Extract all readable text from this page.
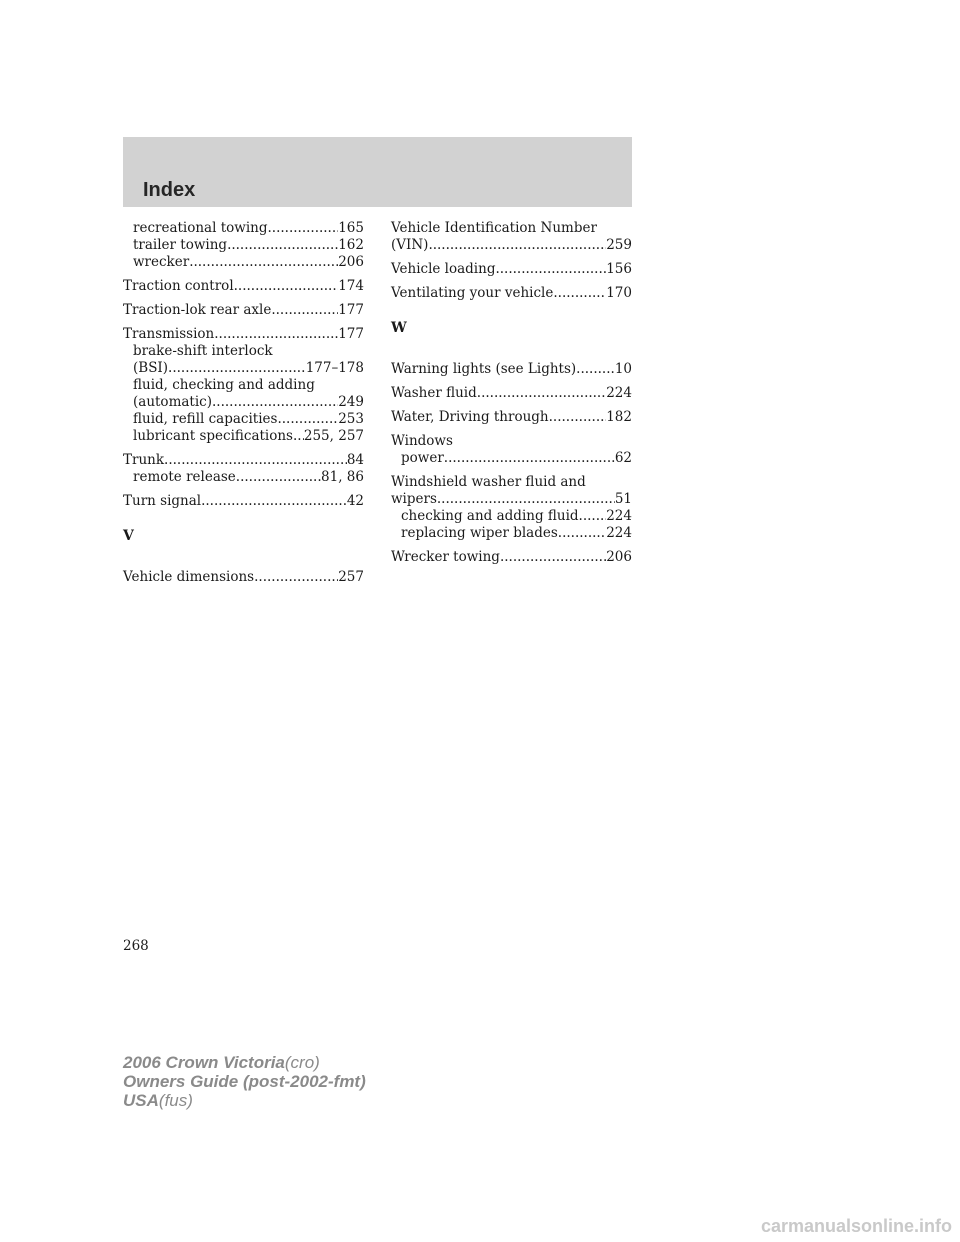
Index
recreational towing .....	165
trailer towing .....	162
wrecker .....	206
Traction control .....	174
Traction-lok rear axle .....	177
Transmission .....	177
brake-shift interlock
(BSI) .....	177–178
fluid, checking and adding
(automatic) .....	249
fluid, refill capacities .....	253
lubricant specifications ..... 255, 257
Trunk .....	84
remote release .....	81, 86
Turn signal .....	42
V
Vehicle dimensions .....	257
Vehicle Identification Number
(VIN) .....	259
Vehicle loading .....	156
Ventilating your vehicle .....	170
W
Warning lights (see Lights) .....	10
Washer fluid .....	224
Water, Driving through .....	182
Windows
power .....	62
Windshield washer fluid and
wipers .....	51
checking and adding fluid ..... 224
replacing wiper blades .....	224
Wrecker towing .....	206
268
2006 Crown Victoria(cro)
Owners Guide (post-2002-fmt)
USA(fus)
carmanualsonline.info
